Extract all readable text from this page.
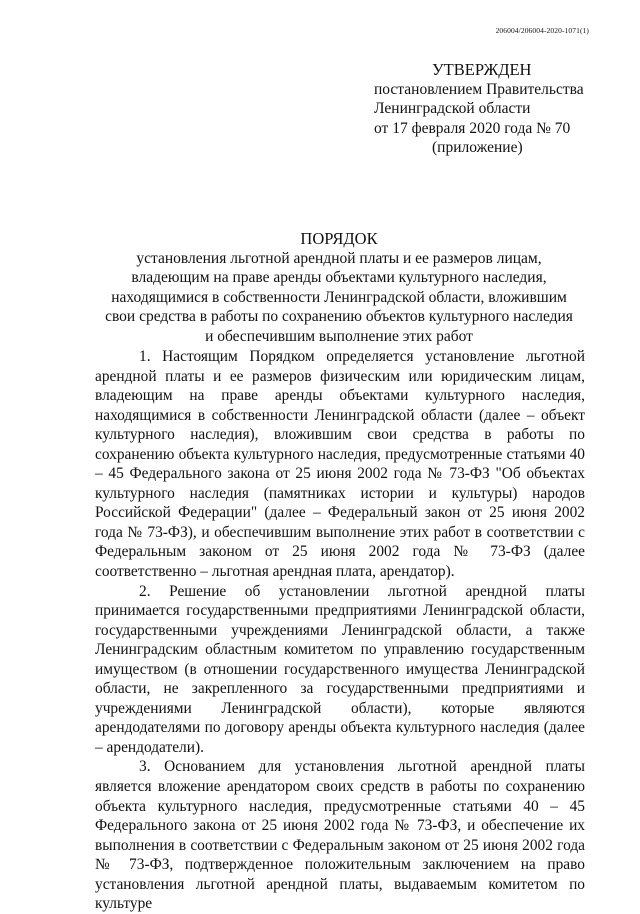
206004/206004-2020-1071(1)
УТВЕРЖДЕН
постановлением Правительства
Ленинградской области
от 17 февраля 2020 года № 70
(приложение)
ПОРЯДОК
установления льготной арендной платы и ее размеров лицам,
владеющим на праве аренды объектами культурного наследия,
находящимися в собственности Ленинградской области, вложившим
свои средства в работы по сохранению объектов культурного наследия
и обеспечившим выполнение этих работ

1. Настоящим Порядком определяется установление льготной арендной платы и ее размеров физическим или юридическим лицам, владеющим на праве аренды объектами культурного наследия, находящимися в собственности Ленинградской области (далее – объект культурного наследия), вложившим свои средства в работы по сохранению объекта культурного наследия, предусмотренные статьями 40 – 45 Федерального закона от 25 июня 2002 года № 73-ФЗ "Об объектах культурного наследия (памятниках истории и культуры) народов Российской Федерации" (далее – Федеральный закон от 25 июня 2002 года № 73-ФЗ), и обеспечившим выполнение этих работ в соответствии с Федеральным законом от 25 июня 2002 года № 73-ФЗ (далее соответственно – льготная арендная плата, арендатор).

2. Решение об установлении льготной арендной платы принимается государственными предприятиями Ленинградской области, государственными учреждениями Ленинградской области, а также Ленинградским областным комитетом по управлению государственным имуществом (в отношении государственного имущества Ленинградской области, не закрепленного за государственными предприятиями и учреждениями Ленинградской области), которые являются арендодателями по договору аренды объекта культурного наследия (далее – арендодатели).

3. Основанием для установления льготной арендной платы является вложение арендатором своих средств в работы по сохранению объекта культурного наследия, предусмотренные статьями 40 – 45 Федерального закона от 25 июня 2002 года № 73-ФЗ, и обеспечение их выполнения в соответствии с Федеральным законом от 25 июня 2002 года № 73-ФЗ, подтвержденное положительным заключением на право установления льготной арендной платы, выдаваемым комитетом по культуре
